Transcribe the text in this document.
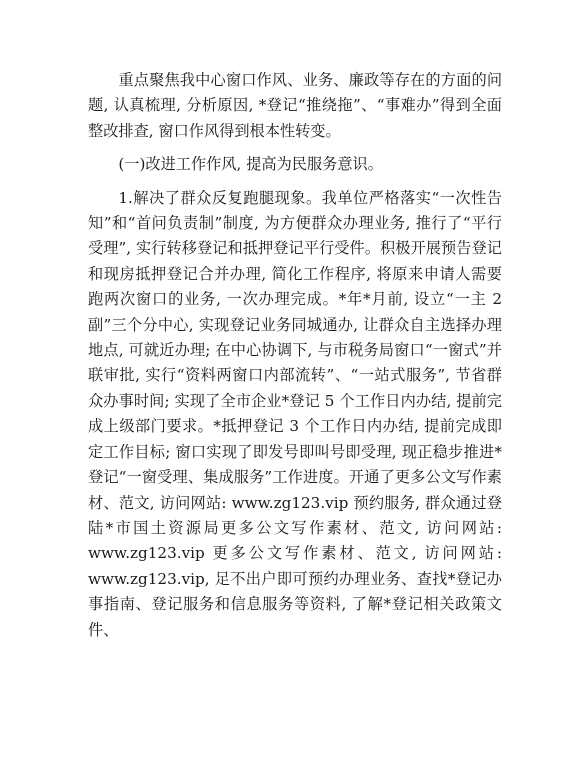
重点聚焦我中心窗口作风、业务、廉政等存在的方面的问题, 认真梳理, 分析原因, *登记“推绕拖”、“事难办”得到全面整改排查, 窗口作风得到根本性转变。

(一)改进工作作风, 提高为民服务意识。

1.解决了群众反复跑腿现象。我单位严格落实“一次性告知”和“首问负责制”制度, 为方便群众办理业务, 推行了“平行受理”, 实行转移登记和抵押登记平行受件。积极开展预告登记和现房抵押登记合并办理, 简化工作程序, 将原来申请人需要跑两次窗口的业务, 一次办理完成。*年*月前, 设立“一主 2 副”三个分中心, 实现登记业务同城通办, 让群众自主选择办理地点, 可就近办理; 在中心协调下, 与市税务局窗口“一窗式”并联审批, 实行“资料两窗口内部流转”、“一站式服务”, 节省群众办事时间; 实现了全市企业*登记 5 个工作日内办结, 提前完成上级部门要求。*抵押登记 3 个工作日内办结, 提前完成即定工作目标; 窗口实现了即发号即叫号即受理, 现正稳步推进*登记“一窗受理、集成服务”工作进度。开通了更多公文写作素材、范文, 访问网站: www.zg123.vip 预约服务, 群众通过登陆*市国土资源局更多公文写作素材、范文, 访问网站: www.zg123.vip 更多公文写作素材、范文, 访问网站: www.zg123.vip, 足不出户即可预约办理业务、查找*登记办事指南、登记服务和信息服务等资料, 了解*登记相关政策文件、
